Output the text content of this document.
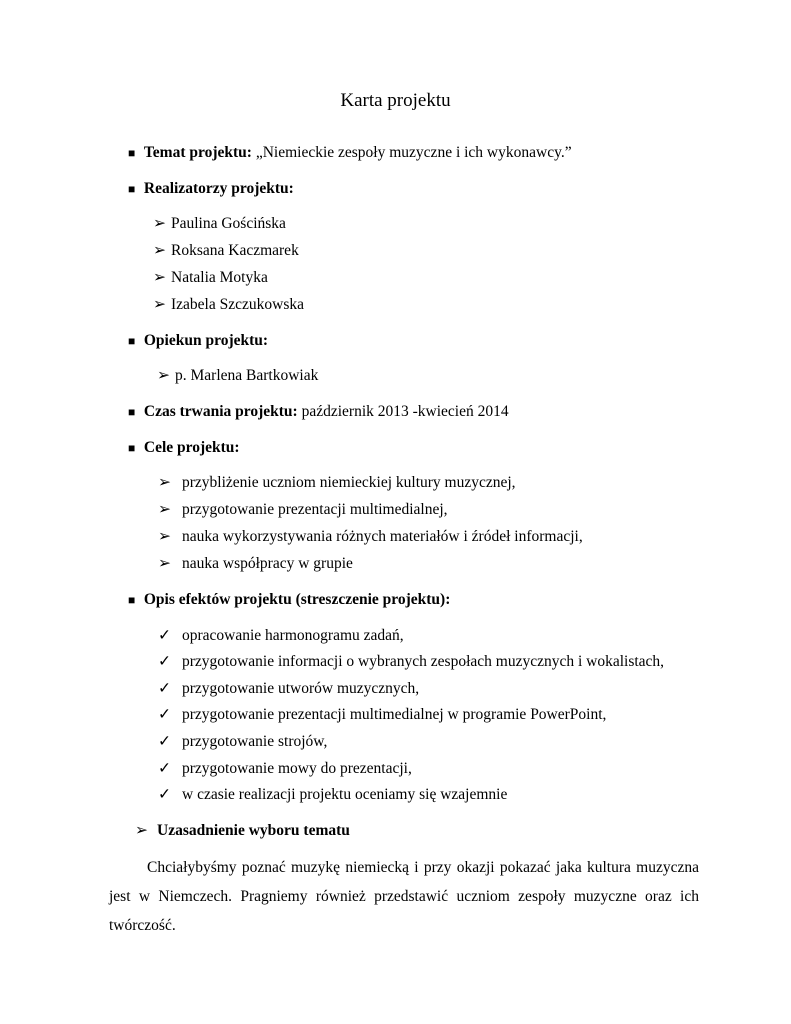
Karta projektu
■ Temat projektu: „Niemieckie zespoły muzyczne i ich wykonawcy.”
■ Realizatorzy projektu:
➢ Paulina Gościńska
➢ Roksana Kaczmarek
➢ Natalia Motyka
➢ Izabela Szczukowska
■ Opiekun projektu:
➢ p. Marlena Bartkowiak
■ Czas trwania projektu: październik 2013 -kwiecień 2014
■ Cele projektu:
➢ przybliżenie uczniom niemieckiej kultury muzycznej,
➢ przygotowanie prezentacji multimedialnej,
➢ nauka wykorzystywania różnych materiałów i źródeł informacji,
➢ nauka współpracy w grupie
■ Opis efektów projektu (streszczenie projektu):
✓ opracowanie harmonogramu zadań,
✓ przygotowanie informacji o wybranych zespołach muzycznych i wokalistach,
✓ przygotowanie utworów muzycznych,
✓ przygotowanie prezentacji multimedialnej w programie PowerPoint,
✓ przygotowanie strojów,
✓ przygotowanie mowy do prezentacji,
✓ w czasie realizacji projektu oceniamy się wzajemnie
➢ Uzasadnienie wyboru tematu
Chciałybyśmy poznać muzykę niemiecką i przy okazji pokazać jaka kultura muzyczna jest w Niemczech. Pragniemy również przedstawić uczniom zespoły muzyczne oraz ich twórczość.
